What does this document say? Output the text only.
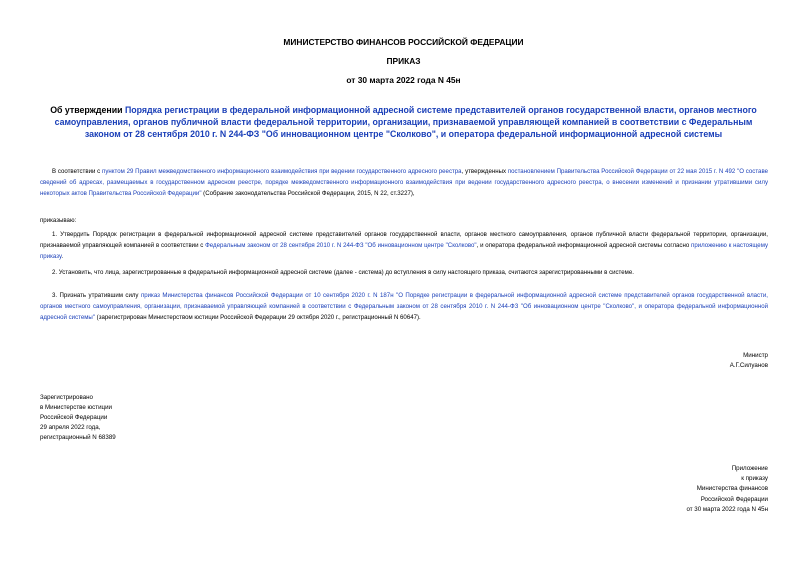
МИНИСТЕРСТВО ФИНАНСОВ РОССИЙСКОЙ ФЕДЕРАЦИИ
ПРИКАЗ
от 30 марта 2022 года N 45н
Об утверждении Порядка регистрации в федеральной информационной адресной системе представителей органов государственной власти, органов местного самоуправления, органов публичной власти федеральной территории, организации, признаваемой управляющей компанией в соответствии с Федеральным законом от 28 сентября 2010 г. N 244-ФЗ "Об инновационном центре "Сколково", и оператора федеральной информационной адресной системы
В соответствии с пунктом 29 Правил межведомственного информационного взаимодействия при ведении государственного адресного реестра, утвержденных постановлением Правительства Российской Федерации от 22 мая 2015 г. N 492 "О составе сведений об адресах, размещаемых в государственном адресном реестре, порядке межведомственного информационного взаимодействия при ведении государственного адресного реестра, о внесении изменений и признании утратившими силу некоторых актов Правительства Российской Федерации" (Собрание законодательства Российской Федерации, 2015, N 22, ст.3227),
приказываю:
1. Утвердить Порядок регистрации в федеральной информационной адресной системе представителей органов государственной власти, органов местного самоуправления, органов публичной власти федеральной территории, организации, признаваемой управляющей компанией в соответствии с Федеральным законом от 28 сентября 2010 г. N 244-ФЗ "Об инновационном центре "Сколково", и оператора федеральной информационной адресной системы согласно приложению к настоящему приказу.
2. Установить, что лица, зарегистрированные в федеральной информационной адресной системе (далее - система) до вступления в силу настоящего приказа, считаются зарегистрированными в системе.
3. Признать утратившим силу приказ Министерства финансов Российской Федерации от 10 сентября 2020 г. N 187н "О Порядке регистрации в федеральной информационной адресной системе представителей органов государственной власти, органов местного самоуправления, организации, признаваемой управляющей компанией в соответствии с Федеральным законом от 28 сентября 2010 г. N 244-ФЗ "Об инновационном центре "Сколково", и оператора федеральной информационной адресной системы" (зарегистрирован Министерством юстиции Российской Федерации 29 октября 2020 г., регистрационный N 60647).
Министр
А.Г.Силуанов
Зарегистрировано
в Министерстве юстиции
Российской Федерации
29 апреля 2022 года,
регистрационный N 68389
Приложение
к приказу
Министерства финансов
Российской Федерации
от 30 марта 2022 года N 45н
